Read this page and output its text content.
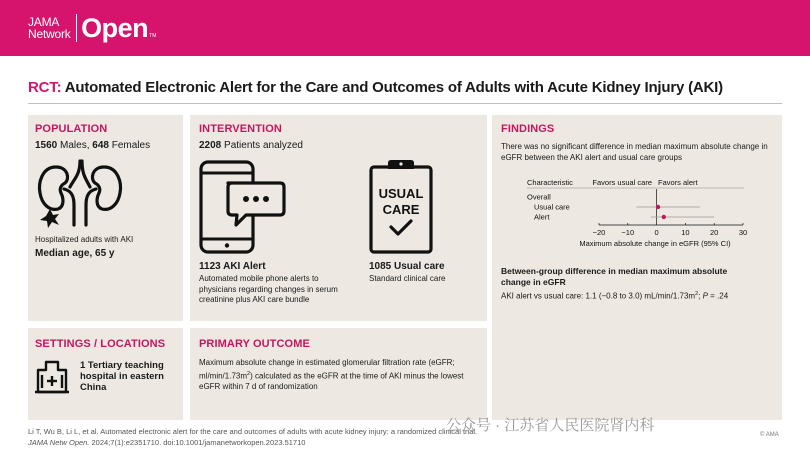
JAMA
Network Open TM
RCT: Automated Electronic Alert for the Care and Outcomes of Adults with Acute Kidney Injury (AKI)
POPULATION
1560 Males, 648 Females
Hospitalized adults with AKI
Median age, 65 y
INTERVENTION
2208 Patients analyzed
1123 AKI Alert
Automated mobile phone alerts to physicians regarding changes in serum creatinine plus AKI care bundle
USUAL
CARE
1085 Usual care
Standard clinical care
FINDINGS
There was no significant difference in median maximum absolute change in eGFR between the AKI alert and usual care groups
Characteristic	Favors usual care Favors alert
Overall
Usual care
Alert
−20 −10	0	10	20	30
Maximum absolute change in eGFR (95% CI)
Between-group difference in median maximum absolute change in eGFR
AKI alert vs usual care: 1.1 (−0.8 to 3.0) $mL/\min/1.73m^2$; P = .24
SETTINGS / LOCATIONS
1 Tertiary teaching hospital in eastern China
PRIMARY OUTCOME
Maximum absolute change in estimated glomerular filtration rate (eGFR; $ml/\min/1.73m^2$) calculated as the eGFR at the time of AKI minus the lowest eGFR within 7 d of randomization
Li T, Wu B, Li L, et al. Automated electronic alert for the care and outcomes of adults with acute kidney injury: a randomized clinical trial.
JAMA Netw Open. 2024;7(1):e2351710. doi:10.1001/jamanetworkopen.2023.51710
公众号 · 江苏省人民医院肾内科
© AMA
